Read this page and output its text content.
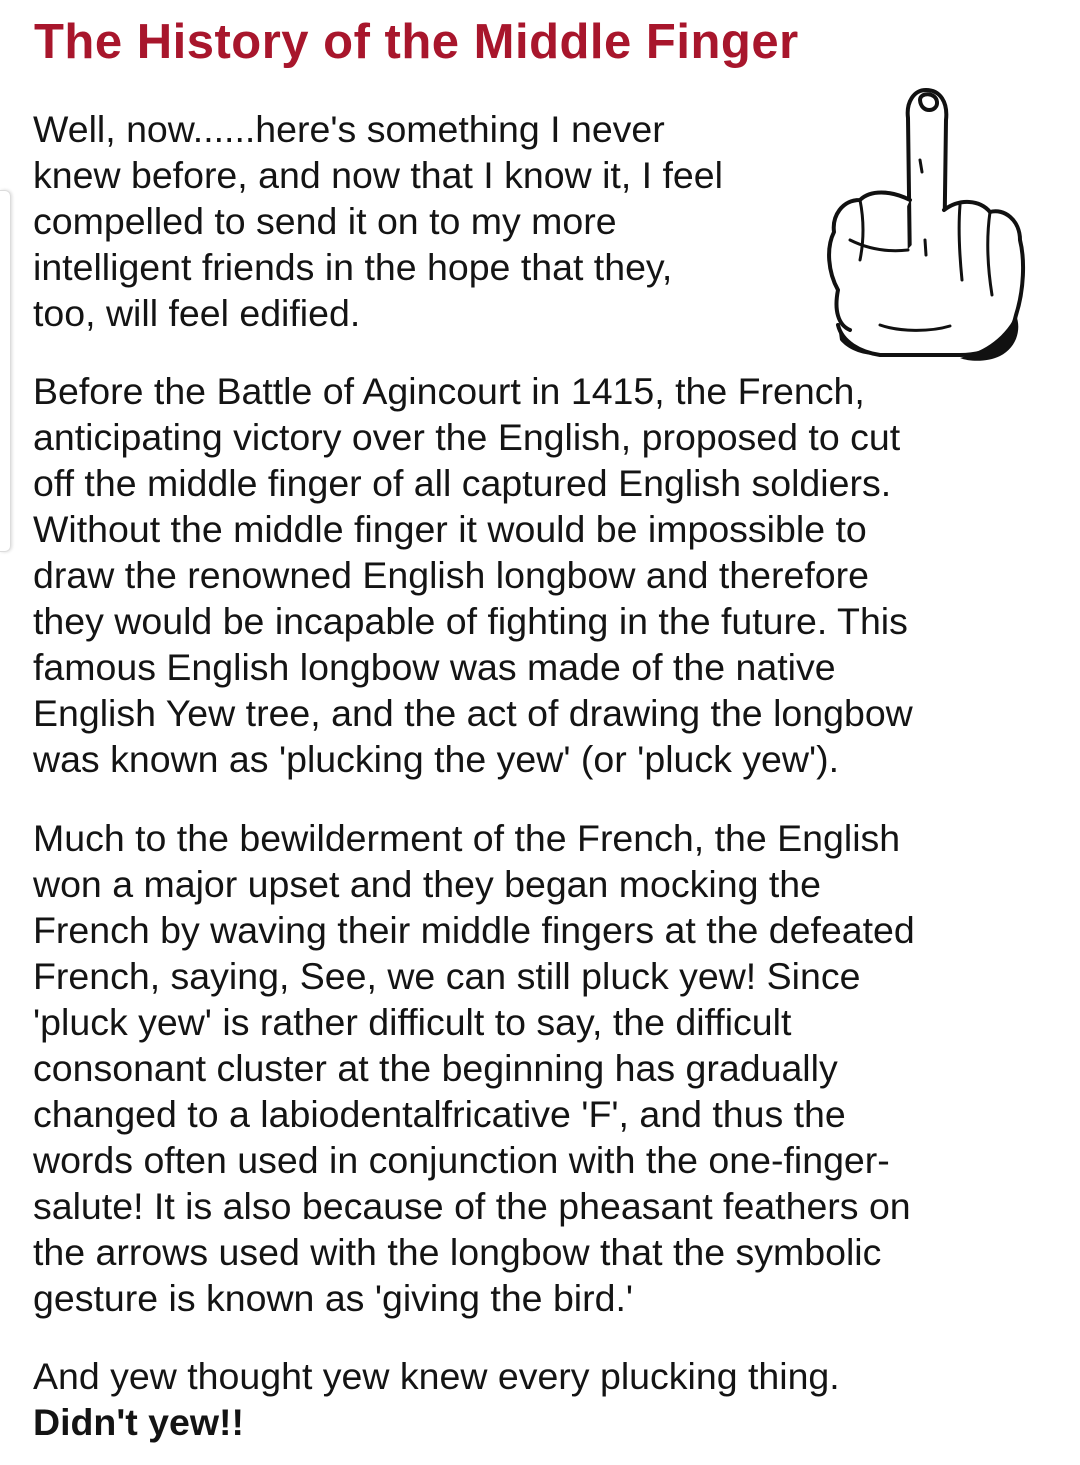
The History of the Middle Finger

Well, now......here's something I never
knew before, and now that I know it, I feel
compelled to send it on to my more
intelligent friends in the hope that they,
too, will feel edified.

Before the Battle of Agincourt in 1415, the French,
anticipating victory over the English, proposed to cut
off the middle finger of all captured English soldiers.
Without the middle finger it would be impossible to
draw the renowned English longbow and therefore
they would be incapable of fighting in the future. This
famous English longbow was made of the native
English Yew tree, and the act of drawing the longbow
was known as 'plucking the yew' (or 'pluck yew').

Much to the bewilderment of the French, the English
won a major upset and they began mocking the
French by waving their middle fingers at the defeated
French, saying, See, we can still pluck yew! Since
'pluck yew' is rather difficult to say, the difficult
consonant cluster at the beginning has gradually
changed to a labiodentalfricative 'F', and thus the
words often used in conjunction with the one-finger-
salute! It is also because of the pheasant feathers on
the arrows used with the longbow that the symbolic
gesture is known as 'giving the bird.'

And yew thought yew knew every plucking thing.
Didn't yew!!
